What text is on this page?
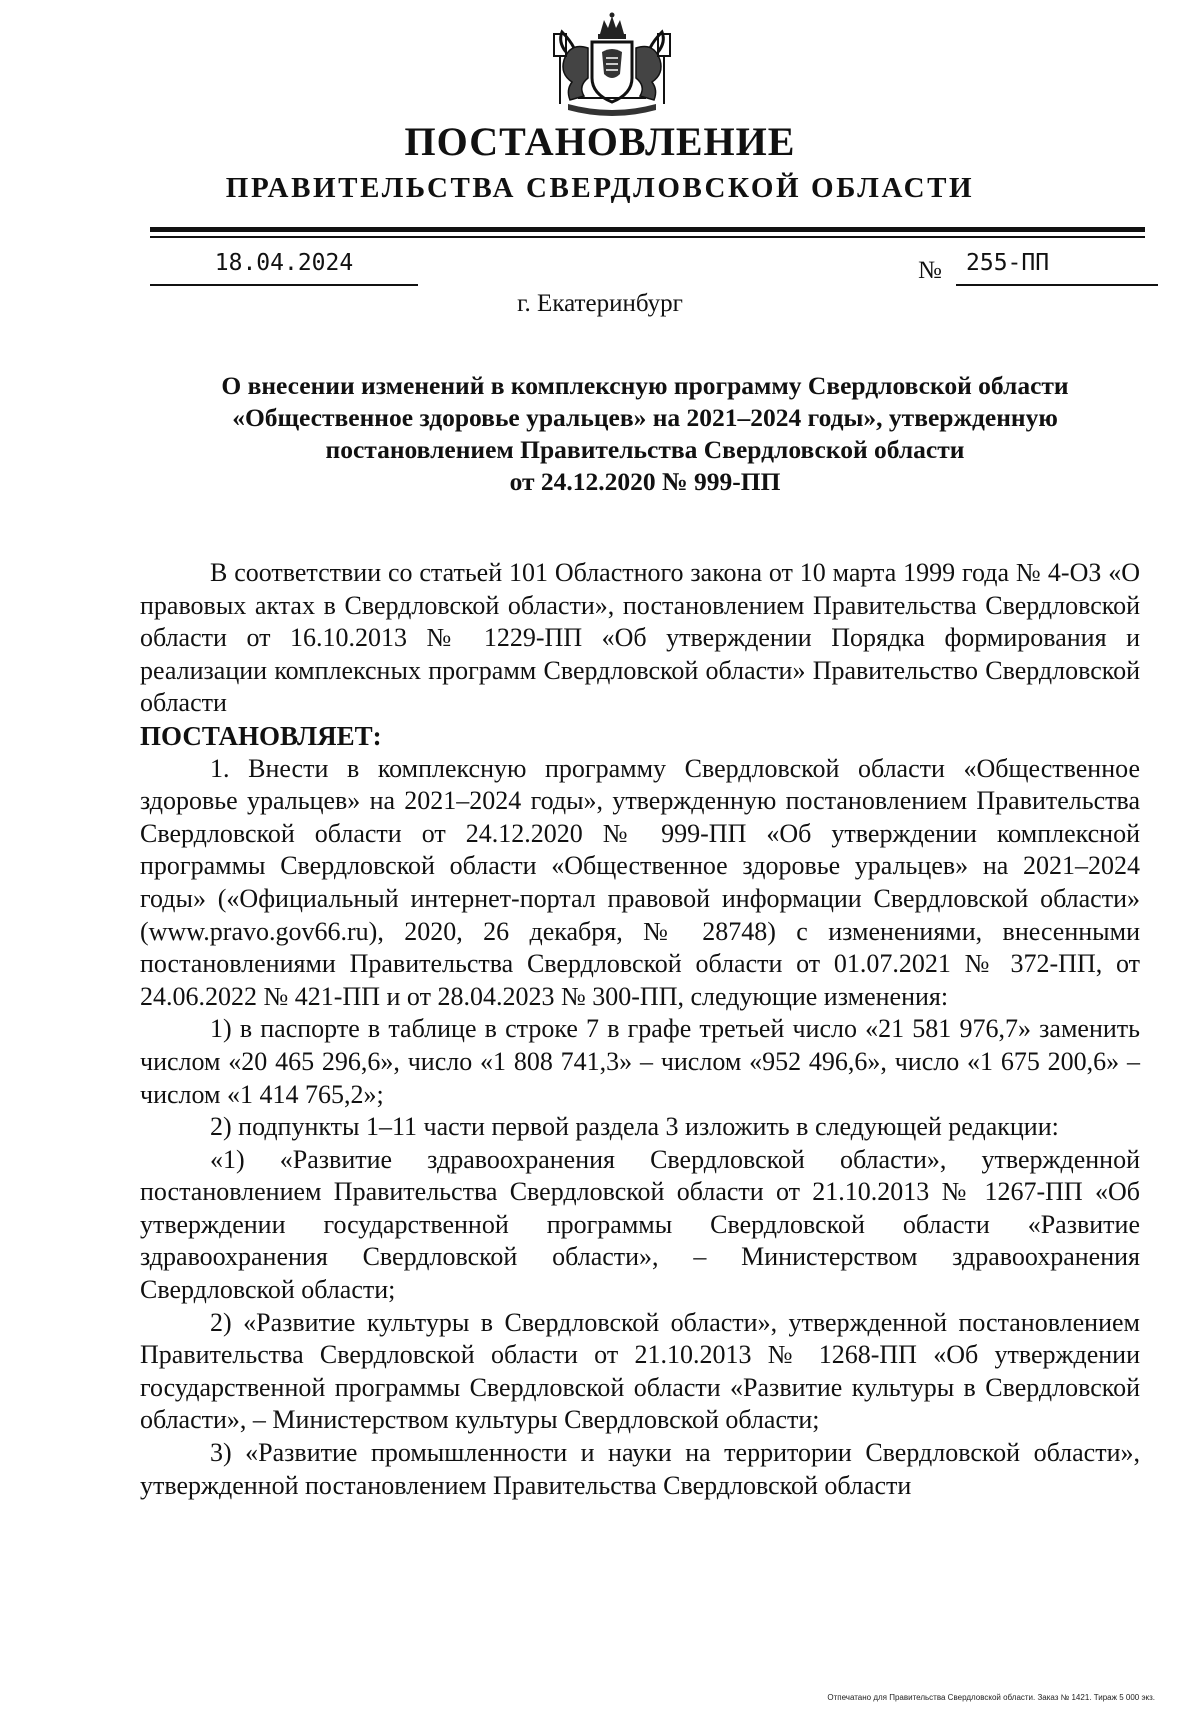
ПОСТАНОВЛЕНИЕ
ПРАВИТЕЛЬСТВА СВЕРДЛОВСКОЙ ОБЛАСТИ
18.04.2024	№	255-ПП
г. Екатеринбург
О внесении изменений в комплексную программу Свердловской области
«Общественное здоровье уральцев» на 2021–2024 годы», утвержденную
постановлением Правительства Свердловской области
от 24.12.2020 № 999-ПП

В соответствии со статьей 101 Областного закона от 10 марта 1999 года № 4-ОЗ «О правовых актах в Свердловской области», постановлением Правительства Свердловской области от 16.10.2013 № 1229-ПП «Об утверждении Порядка формирования и реализации комплексных программ Свердловской области» Правительство Свердловской области

ПОСТАНОВЛЯЕТ:

1. Внести в комплексную программу Свердловской области «Общественное здоровье уральцев» на 2021–2024 годы», утвержденную постановлением Правительства Свердловской области от 24.12.2020 № 999-ПП «Об утверждении комплексной программы Свердловской области «Общественное здоровье уральцев» на 2021–2024 годы» («Официальный интернет-портал правовой информации Свердловской области» (www.pravo.gov66.ru), 2020, 26 декабря, № 28748) с изменениями, внесенными постановлениями Правительства Свердловской области от 01.07.2021 № 372-ПП, от 24.06.2022 № 421-ПП и от 28.04.2023 № 300-ПП, следующие изменения:

1) в паспорте в таблице в строке 7 в графе третьей число «21 581 976,7» заменить числом «20 465 296,6», число «1 808 741,3» – числом «952 496,6», число «1 675 200,6» – числом «1 414 765,2»;

2) подпункты 1–11 части первой раздела 3 изложить в следующей редакции:

«1) «Развитие здравоохранения Свердловской области», утвержденной постановлением Правительства Свердловской области от 21.10.2013 № 1267-ПП «Об утверждении государственной программы Свердловской области «Развитие здравоохранения Свердловской области», – Министерством здравоохранения Свердловской области;

2) «Развитие культуры в Свердловской области», утвержденной постановлением Правительства Свердловской области от 21.10.2013 № 1268-ПП «Об утверждении государственной программы Свердловской области «Развитие культуры в Свердловской области», – Министерством культуры Свердловской области;

3) «Развитие промышленности и науки на территории Свердловской области», утвержденной постановлением Правительства Свердловской области

Отпечатано для Правительства Свердловской области. Заказ № 1421. Тираж 5 000 экз.
